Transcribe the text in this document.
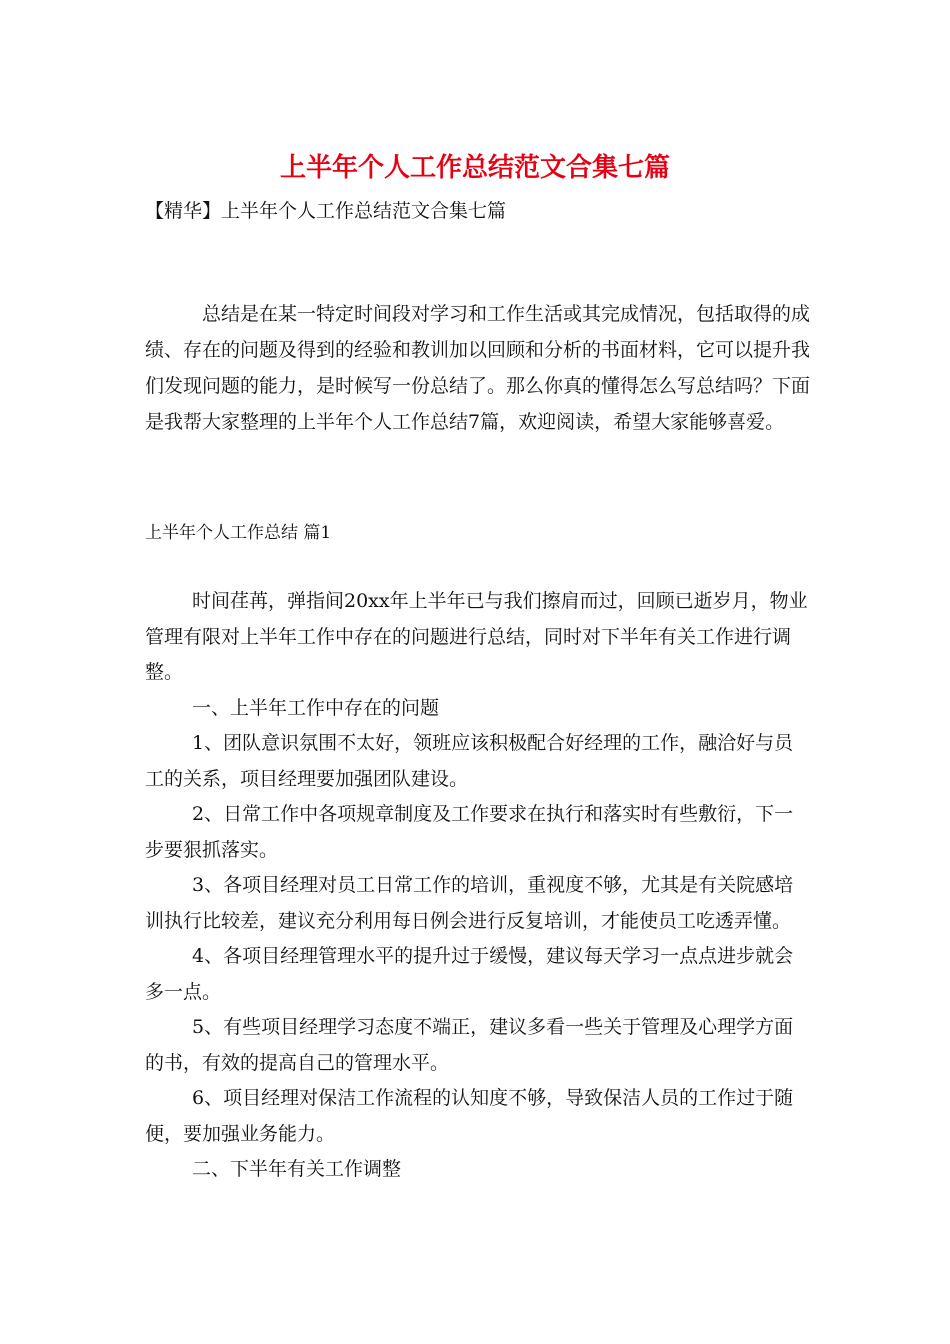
上半年个人工作总结范文合集七篇

【精华】上半年个人工作总结范文合集七篇

总结是在某一特定时间段对学习和工作生活或其完成情况，包括取得的成绩、存在的问题及得到的经验和教训加以回顾和分析的书面材料，它可以提升我们发现问题的能力，是时候写一份总结了。那么你真的懂得怎么写总结吗？下面是我帮大家整理的上半年个人工作总结7篇，欢迎阅读，希望大家能够喜爱。

上半年个人工作总结 篇1

时间荏苒，弹指间20xx年上半年已与我们擦肩而过，回顾已逝岁月，物业管理有限对上半年工作中存在的问题进行总结，同时对下半年有关工作进行调整。

一、上半年工作中存在的问题

1、团队意识氛围不太好，领班应该积极配合好经理的工作，融洽好与员工的关系，项目经理要加强团队建设。

2、日常工作中各项规章制度及工作要求在执行和落实时有些敷衍，下一步要狠抓落实。

3、各项目经理对员工日常工作的培训，重视度不够，尤其是有关院感培训执行比较差，建议充分利用每日例会进行反复培训，才能使员工吃透弄懂。

4、各项目经理管理水平的提升过于缓慢，建议每天学习一点点进步就会多一点。

5、有些项目经理学习态度不端正，建议多看一些关于管理及心理学方面的书，有效的提高自己的管理水平。

6、项目经理对保洁工作流程的认知度不够，导致保洁人员的工作过于随便，要加强业务能力。

二、下半年有关工作调整
